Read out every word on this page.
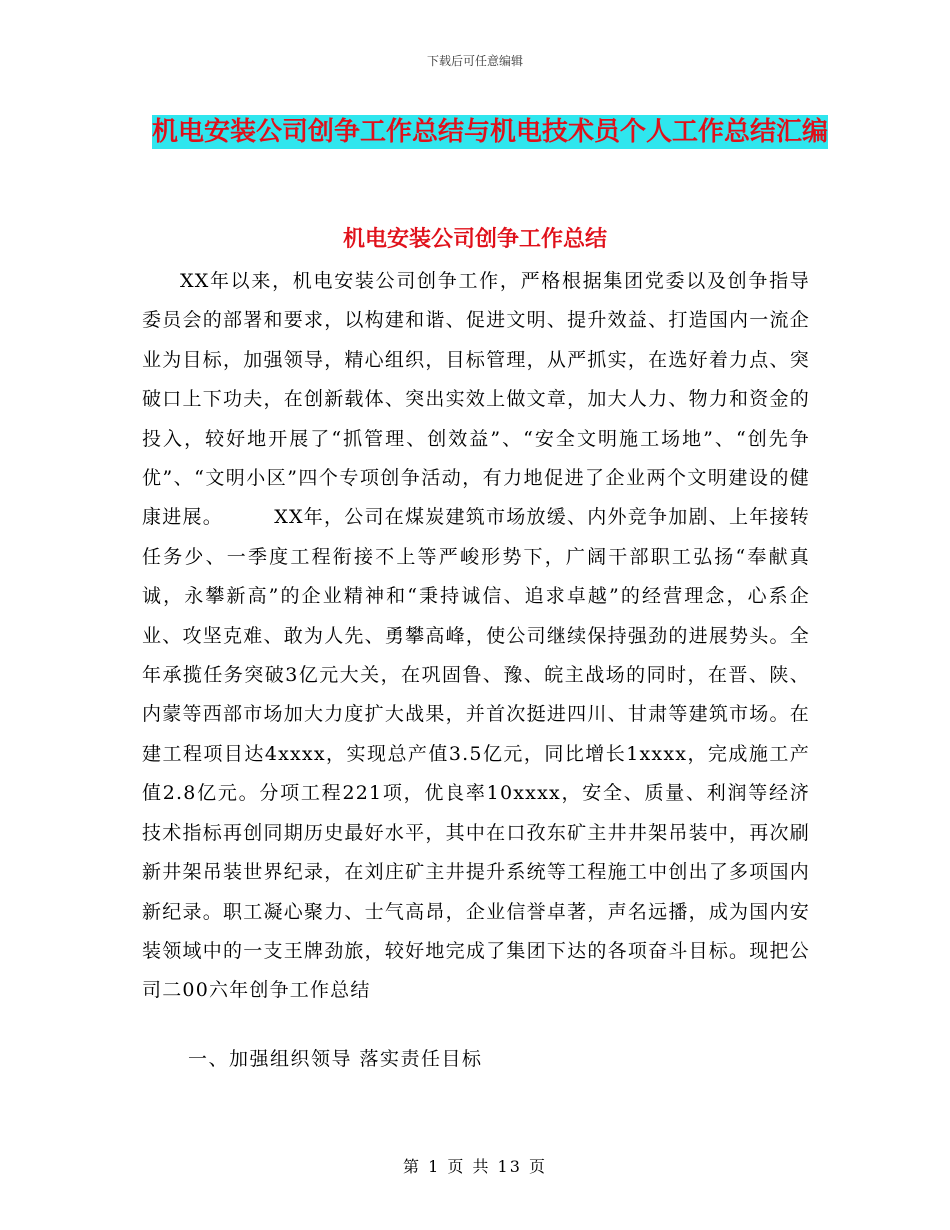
下载后可任意编辑
机电安装公司创争工作总结与机电技术员个人工作总结汇编
机电安装公司创争工作总结

XX年以来，机电安装公司创争工作，严格根据集团党委以及创争指导委员会的部署和要求，以构建和谐、促进文明、提升效益、打造国内一流企业为目标，加强领导，精心组织，目标管理，从严抓实，在选好着力点、突破口上下功夫，在创新载体、突出实效上做文章，加大人力、物力和资金的投入，较好地开展了“抓管理、创效益”、“安全文明施工场地”、“创先争优”、“文明小区”四个专项创争活动，有力地促进了企业两个文明建设的健康进展。　　　XX年，公司在煤炭建筑市场放缓、内外竞争加剧、上年接转任务少、一季度工程衔接不上等严峻形势下，广阔干部职工弘扬“奉献真诚，永攀新高”的企业精神和“秉持诚信、追求卓越”的经营理念，心系企业、攻坚克难、敢为人先、勇攀高峰，使公司继续保持强劲的进展势头。全年承揽任务突破3亿元大关，在巩固鲁、豫、皖主战场的同时，在晋、陕、内蒙等西部市场加大力度扩大战果，并首次挺进四川、甘肃等建筑市场。在建工程项目达4xxxx，实现总产值3.5亿元，同比增长1xxxx，完成施工产值2.8亿元。分项工程221项，优良率10xxxx，安全、质量、利润等经济技术指标再创同期历史最好水平，其中在口孜东矿主井井架吊装中，再次刷新井架吊装世界纪录，在刘庄矿主井提升系统等工程施工中创出了多项国内新纪录。职工凝心聚力、士气高昂，企业信誉卓著，声名远播，成为国内安装领域中的一支王牌劲旅，较好地完成了集团下达的各项奋斗目标。现把公司二00六年创争工作总结

一、加强组织领导 落实责任目标
第 1 页 共 13 页
